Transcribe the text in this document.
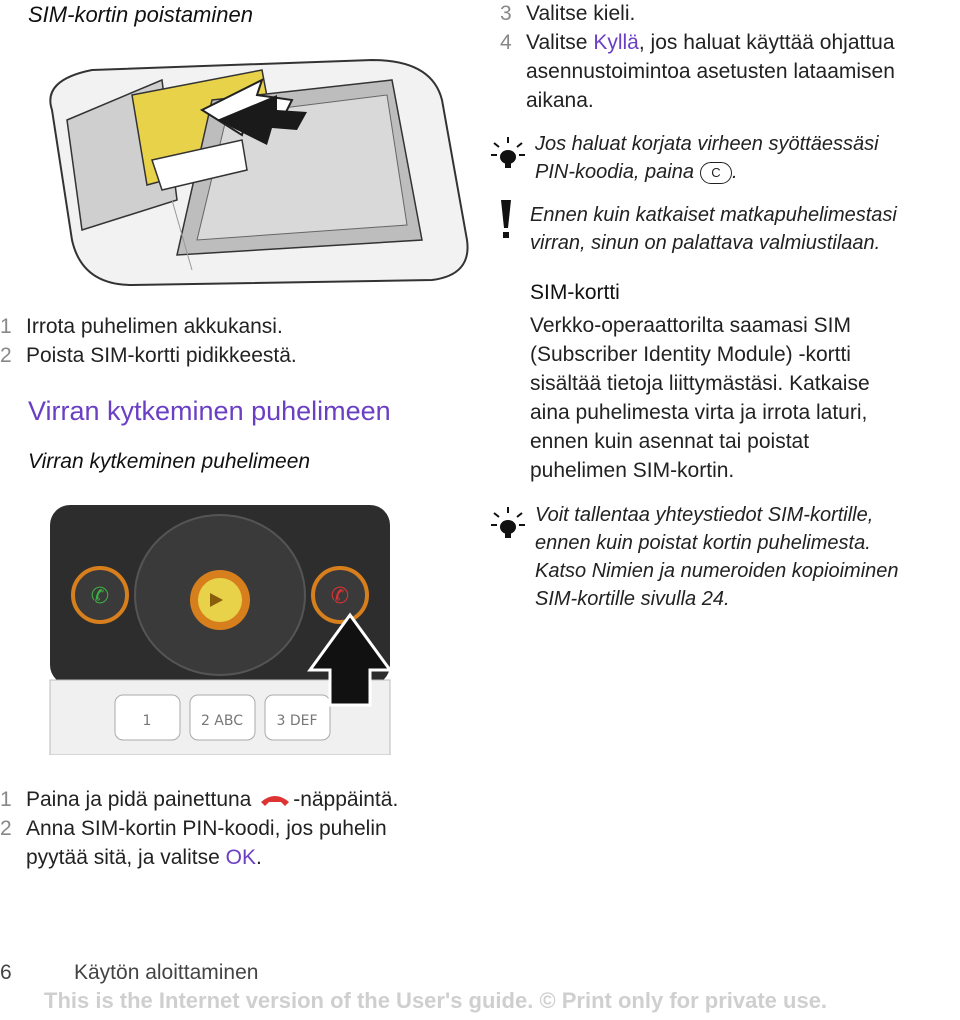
SIM-kortin poistaminen
1 Irrota puhelimen akkukansi.
2 Poista SIM-kortti pidikkeestä.
Virran kytkeminen puhelimeen
Virran kytkeminen puhelimeen
✆	✆
1	2 ABC 3 DEF
1 Paina ja pidä painettuna -näppäintä.
2 Anna SIM-kortin PIN-koodi, jos puhelin
pyytää sitä, ja valitse OK.
3 Valitse kieli.
4 Valitse Kyllä, jos haluat käyttää ohjattua
asennustoimintoa asetusten lataamisen
aikana.
Jos haluat korjata virheen syöttäessäsi
PIN-koodia, paina C .
Ennen kuin katkaiset matkapuhelimestasi
virran, sinun on palattava valmiustilaan.
SIM-kortti
Verkko-operaattorilta saamasi SIM
(Subscriber Identity Module) -kortti
sisältää tietoja liittymästäsi. Katkaise
aina puhelimesta virta ja irrota laturi,
ennen kuin asennat tai poistat
puhelimen SIM-kortin.
Voit tallentaa yhteystiedot SIM-kortille,
ennen kuin poistat kortin puhelimesta.
Katso Nimien ja numeroiden kopioiminen
SIM-kortille sivulla 24.
6	Käytön aloittaminen
This is the Internet version of the User's guide. © Print only for private use.
